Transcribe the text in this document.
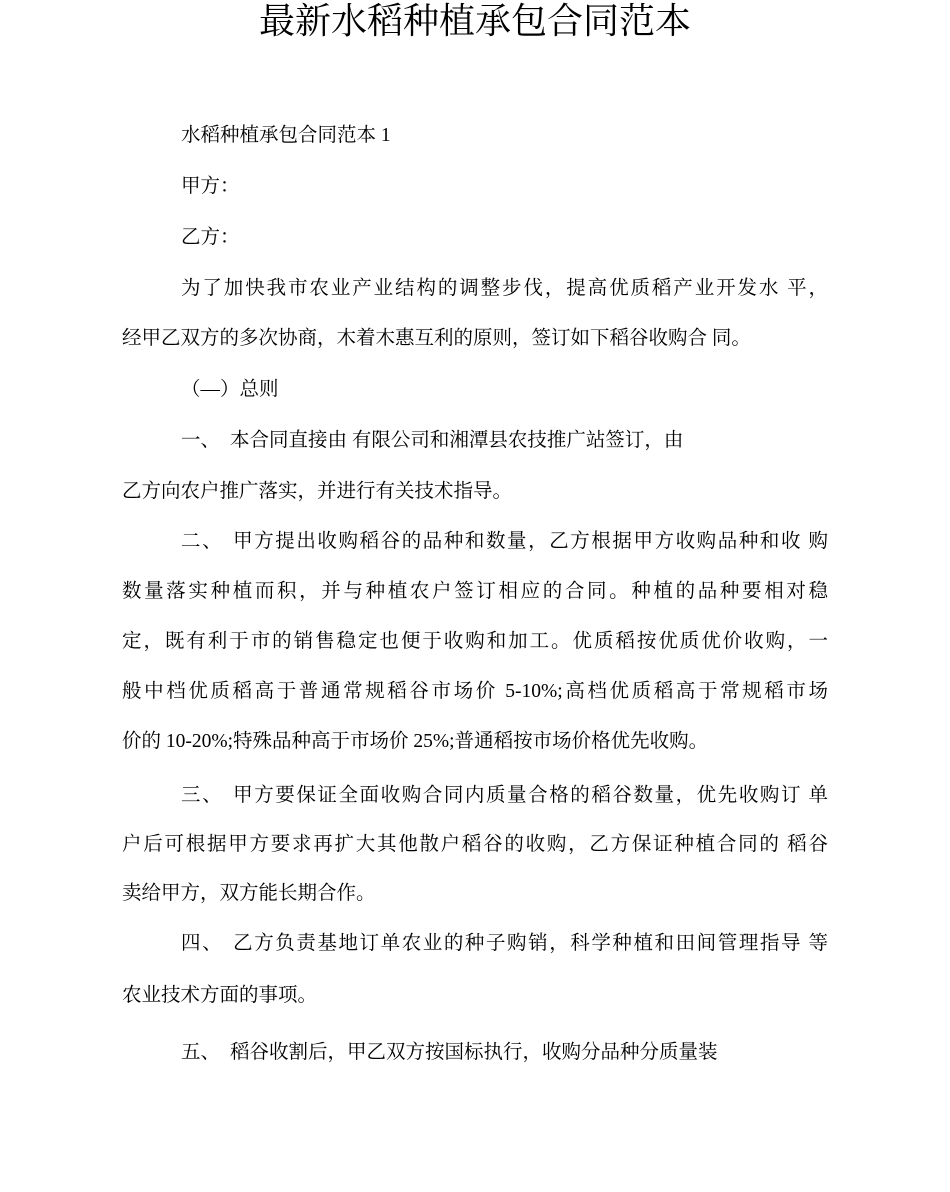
最新水稻种植承包合同范本
水稻种植承包合同范本 1
甲方：
乙方：
为了加快我市农业产业结构的调整步伐，提高优质稻产业开发水 平，
经甲乙双方的多次协商，木着木惠互利的原则，签订如下稻谷收购合 同。
（—）总则
一、 本合同直接由 有限公司和湘潭县农技推广站签订，由
乙方向农户推广落实，并进行有关技术指导。
二、 甲方提出收购稻谷的品种和数量，乙方根据甲方收购品种和收 购
数量落实种植而积，并与种植农户签订相应的合同。种植的品种要相对稳
定，既有利于市的销售稳定也便于收购和加工。优质稻按优质优价收购，一
般中档优质稻高于普通常规稻谷市场价 5-10%;高档优质稻高于常规稻市场
价的 10-20%;特殊品种高于市场价 25%;普通稻按市场价格优先收购。
三、 甲方要保证全面收购合同内质量合格的稻谷数量，优先收购订 单
户后可根据甲方要求再扩大其他散户稻谷的收购，乙方保证种植合同的 稻谷
卖给甲方，双方能长期合作。
四、 乙方负责基地订单农业的种子购销，科学种植和田间管理指导 等
农业技术方面的事项。
五、 稻谷收割后，甲乙双方按国标执行，收购分品种分质量装
